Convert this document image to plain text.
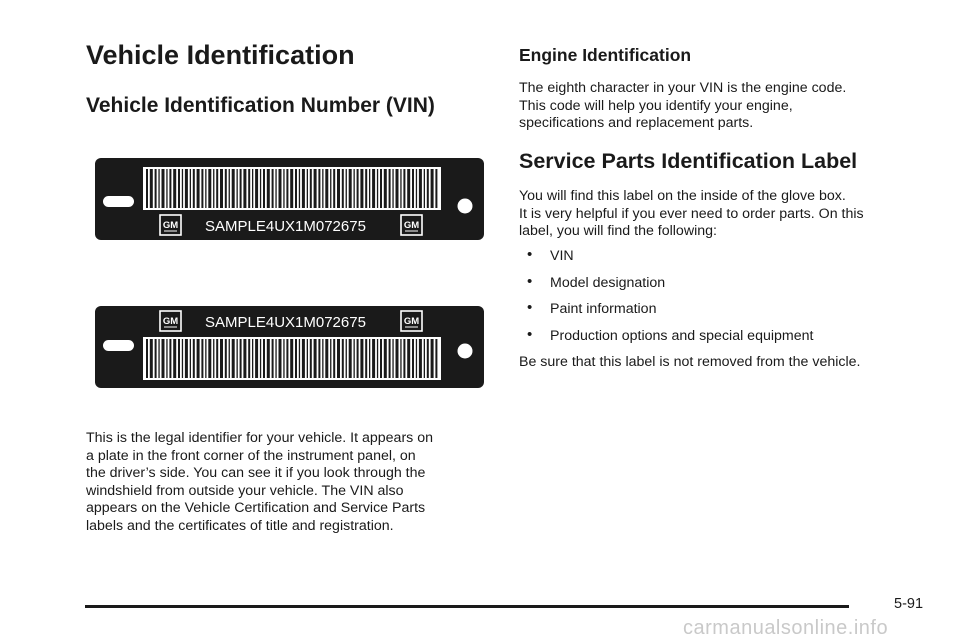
Vehicle Identification
Vehicle Identification Number (VIN)
GM	GM
SAMPLE4UX1M072675
GM	GM
SAMPLE4UX1M072675

This is the legal identifier for your vehicle. It appears on
a plate in the front corner of the instrument panel, on
the driver’s side. You can see it if you look through the
windshield from outside your vehicle. The VIN also
appears on the Vehicle Certification and Service Parts
labels and the certificates of title and registration.

Engine Identification

The eighth character in your VIN is the engine code.
This code will help you identify your engine,
specifications and replacement parts.

Service Parts Identification Label

You will find this label on the inside of the glove box.
It is very helpful if you ever need to order parts. On this
label, you will find the following:

• VIN
• Model designation
• Paint information
• Production options and special equipment

Be sure that this label is not removed from the vehicle.

5-91
carmanualsonline.info
